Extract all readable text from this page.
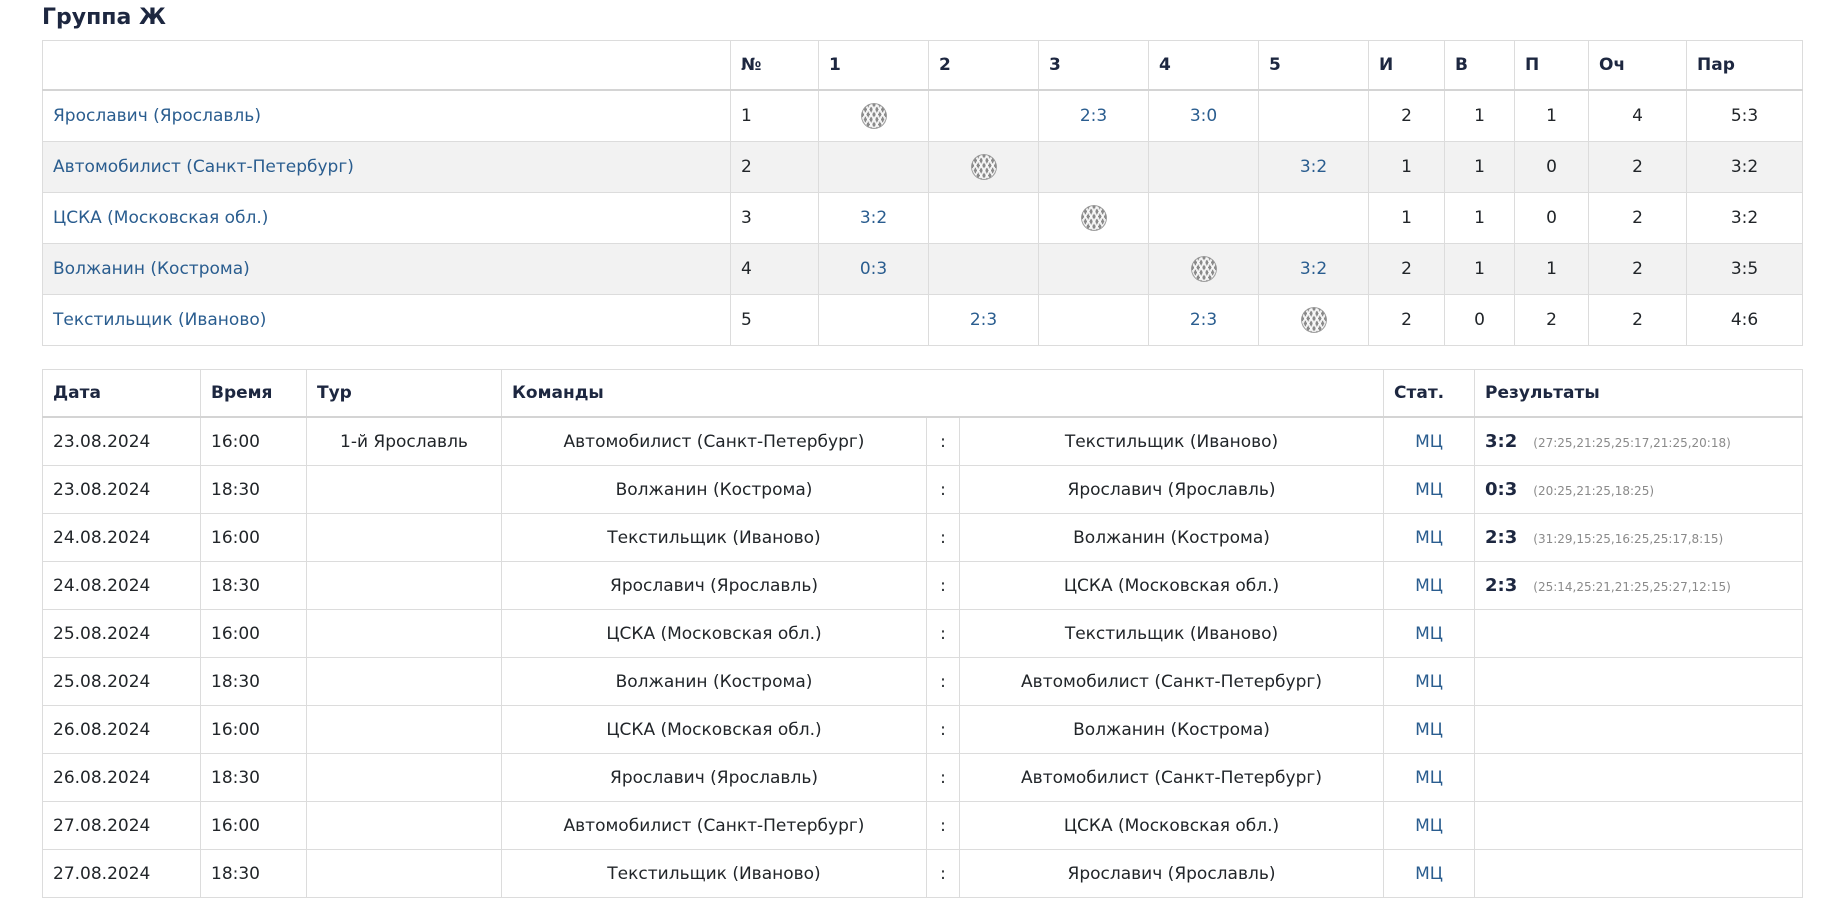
Группа Ж
	№	1	2	3	4	5	И	В	П	Оч	Пар
Ярославич (Ярославль)	1			2:3	3:0		2	1	1	4	5:3
Автомобилист (Санкт-Петербург)	2					3:2	1	1	0	2	3:2
ЦСКА (Московская обл.)	3	3:2					1	1	0	2	3:2
Волжанин (Кострома)	4	0:3				3:2	2	1	1	2	3:5
Текстильщик (Иваново)	5		2:3		2:3		2	0	2	2	4:6
Дата	Время	Тур	Команды			Стат.	Результаты
23.08.2024	16:00	1-й Ярославль	Автомобилист (Санкт-Петербург)	:	Текстильщик (Иваново)	МЦ	3:2 (27:25,21:25,25:17,21:25,20:18)
23.08.2024	18:30		Волжанин (Кострома)	:	Ярославич (Ярославль)	МЦ	0:3 (20:25,21:25,18:25)
24.08.2024	16:00		Текстильщик (Иваново)	:	Волжанин (Кострома)	МЦ	2:3 (31:29,15:25,16:25,25:17,8:15)
24.08.2024	18:30		Ярославич (Ярославль)	:	ЦСКА (Московская обл.)	МЦ	2:3 (25:14,25:21,21:25,25:27,12:15)
25.08.2024	16:00		ЦСКА (Московская обл.)	:	Текстильщик (Иваново)	МЦ	
25.08.2024	18:30		Волжанин (Кострома)	:	Автомобилист (Санкт-Петербург)	МЦ	
26.08.2024	16:00		ЦСКА (Московская обл.)	:	Волжанин (Кострома)	МЦ	
26.08.2024	18:30		Ярославич (Ярославль)	:	Автомобилист (Санкт-Петербург)	МЦ	
27.08.2024	16:00		Автомобилист (Санкт-Петербург)	:	ЦСКА (Московская обл.)	МЦ	
27.08.2024	18:30		Текстильщик (Иваново)	:	Ярославич (Ярославль)	МЦ	
